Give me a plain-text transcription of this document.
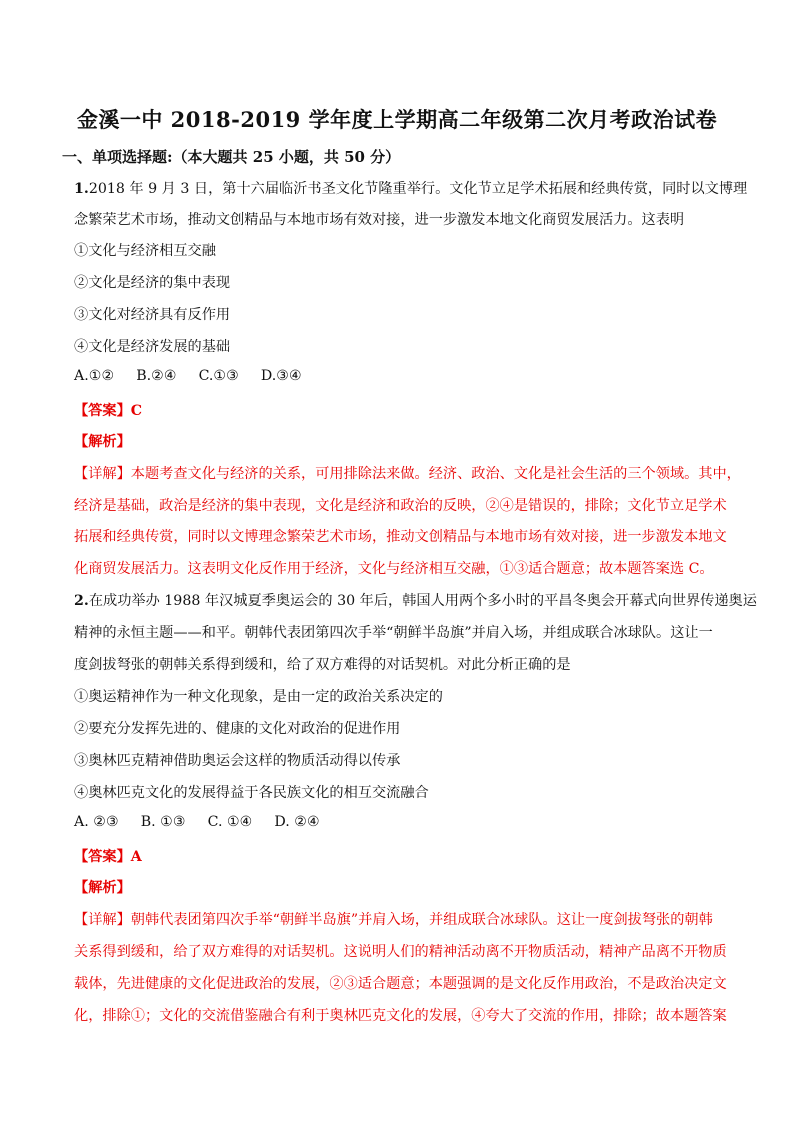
金溪一中 2018-2019 学年度上学期高二年级第二次月考政治试卷
一、单项选择题:（本大题共 25 小题，共 50 分）
1.2018 年 9 月 3 日，第十六届临沂书圣文化节隆重举行。文化节立足学术拓展和经典传赏，同时以文博理
念繁荣艺术市场，推动文创精品与本地市场有效对接，进一步激发本地文化商贸发展活力。这表明
①文化与经济相互交融
②文化是经济的集中表现
③文化对经济具有反作用
④文化是经济发展的基础
A.①② B.②④ C.①③ D.③④
【答案】C
【解析】
【详解】本题考查文化与经济的关系，可用排除法来做。经济、政治、文化是社会生活的三个领域。其中，
经济是基础，政治是经济的集中表现，文化是经济和政治的反映，②④是错误的，排除；文化节立足学术
拓展和经典传赏，同时以文博理念繁荣艺术市场，推动文创精品与本地市场有效对接，进一步激发本地文
化商贸发展活力。这表明文化反作用于经济，文化与经济相互交融，①③适合题意；故本题答案选 C。
2.在成功举办 1988 年汉城夏季奥运会的 30 年后，韩国人用两个多小时的平昌冬奥会开幕式向世界传递奥运
精神的永恒主题——和平。朝韩代表团第四次手举“朝鲜半岛旗”并肩入场，并组成联合冰球队。这让一
度剑拔弩张的朝韩关系得到缓和，给了双方难得的对话契机。对此分析正确的是
①奥运精神作为一种文化现象，是由一定的政治关系决定的
②要充分发挥先进的、健康的文化对政治的促进作用
③奥林匹克精神借助奥运会这样的物质活动得以传承
④奥林匹克文化的发展得益于各民族文化的相互交流融合
A. ②③ B. ①③ C. ①④ D. ②④
【答案】A
【解析】
【详解】朝韩代表团第四次手举“朝鲜半岛旗”并肩入场，并组成联合冰球队。这让一度剑拔弩张的朝韩
关系得到缓和，给了双方难得的对话契机。这说明人们的精神活动离不开物质活动，精神产品离不开物质
载体，先进健康的文化促进政治的发展，②③适合题意；本题强调的是文化反作用政治，不是政治决定文
化，排除①；文化的交流借鉴融合有利于奥林匹克文化的发展，④夸大了交流的作用，排除；故本题答案
